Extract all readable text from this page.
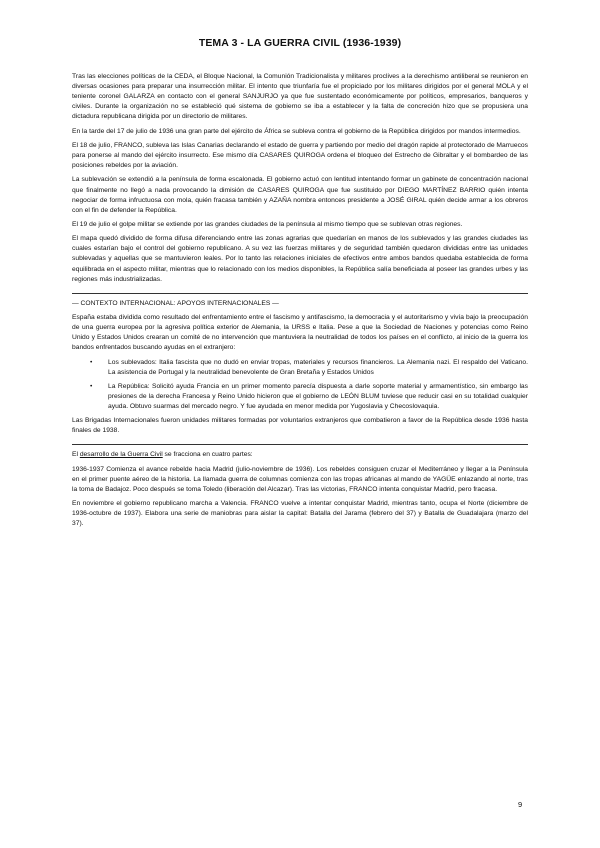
TEMA 3 - LA GUERRA CIVIL (1936-1939)

Tras las elecciones políticas de la CEDA, el Bloque Nacional, la Comunión Tradicionalista y militares proclives a la derechismo antiliberal se reunieron en diversas ocasiones para preparar una insurrección militar. El intento que triunfaría fue el propiciado por los militares dirigidos por el general MOLA y el teniente coronel GALARZA en contacto con el general SANJURJO ya que fue sustentado económicamente por políticos, empresarios, banqueros y civiles. Durante la organización no se estableció qué sistema de gobierno se iba a establecer y la falta de concreción hizo que se propusiera una dictadura republicana dirigida por un directorio de militares.

En la tarde del 17 de julio de 1936 una gran parte del ejército de África se subleva contra el gobierno de la República dirigidos por mandos intermedios.

El 18 de julio, FRANCO, subleva las Islas Canarias declarando el estado de guerra y partiendo por medio del dragón rapide al protectorado de Marruecos para ponerse al mando del ejército insurrecto. Ese mismo día CASARES QUIROGA ordena el bloqueo del Estrecho de Gibraltar y el bombardeo de las posiciones rebeldes por la aviación.

La sublevación se extendió a la península de forma escalonada. El gobierno actuó con lentitud intentando formar un gabinete de concentración nacional que finalmente no llegó a nada provocando la dimisión de CASARES QUIROGA que fue sustituido por DIEGO MARTÍNEZ BARRIO quién intenta negociar de forma infructuosa con mola, quién fracasa también y AZAÑA nombra entonces presidente a JOSÉ GIRAL quién decide armar a los obreros con el fin de defender la República.

El 19 de julio el golpe militar se extiende por las grandes ciudades de la península al mismo tiempo que se sublevan otras regiones.

El mapa quedó dividido de forma difusa diferenciando entre las zonas agrarias que quedarían en manos de los sublevados y las grandes ciudades las cuales estarían bajo el control del gobierno republicano. A su vez las fuerzas militares y de seguridad también quedaron divididas entre las unidades sublevadas y aquellas que se mantuvieron leales. Por lo tanto las relaciones iniciales de efectivos entre ambos bandos quedaba establecida de forma equilibrada en el aspecto militar, mientras que lo relacionado con los medios disponibles, la República salía beneficiada al poseer las grandes urbes y las regiones más industrializadas.

— CONTEXTO INTERNACIONAL: APOYOS INTERNACIONALES —

España estaba dividida como resultado del enfrentamiento entre el fascismo y antifascismo, la democracia y el autoritarismo y vivía bajo la preocupación de una guerra europea por la agresiva política exterior de Alemania, la URSS e Italia. Pese a que la Sociedad de Naciones y potencias como Reino Unido y Estados Unidos crearan un comité de no intervención que mantuviera la neutralidad de todos los países en el conflicto, al inicio de la guerra los bandos enfrentados buscando ayudas en el extranjero:

• Los sublevados: Italia fascista que no dudó en enviar tropas, materiales y recursos financieros. La Alemania nazi. El respaldo del Vaticano. La asistencia de Portugal y la neutralidad benevolente de Gran Bretaña y Estados Unidos
• La República: Solicitó ayuda Francia en un primer momento parecía dispuesta a darle soporte material y armamentístico, sin embargo las presiones de la derecha Francesa y Reino Unido hicieron que el gobierno de LEÓN BLUM tuviese que reducir casi en su totalidad cualquier ayuda. Obtuvo suarmas del mercado negro. Y fue ayudada en menor medida por Yugoslavia y Checoslovaquia.

Las Brigadas Internacionales fueron unidades militares formadas por voluntarios extranjeros que combatieron a favor de la República desde 1936 hasta finales de 1938.

El desarrollo de la Guerra Civil se fracciona en cuatro partes:

1936-1937 Comienza el avance rebelde hacia Madrid (julio-noviembre de 1936). Los rebeldes consiguen cruzar el Mediterráneo y llegar a la Península en el primer puente aéreo de la historia. La llamada guerra de columnas comienza con las tropas africanas al mando de YAGÜE enlazando al norte, tras la toma de Badajoz. Poco después se toma Toledo (liberación del Alcazar). Tras las victorias, FRANCO intenta conquistar Madrid, pero fracasa.

En noviembre el gobierno republicano marcha a Valencia. FRANCO vuelve a intentar conquistar Madrid, mientras tanto, ocupa el Norte (diciembre de 1936-octubre de 1937). Elabora una serie de maniobras para aislar la capital: Batalla del Jarama (febrero del 37) y Batalla de Guadalajara (marzo del 37).

9
